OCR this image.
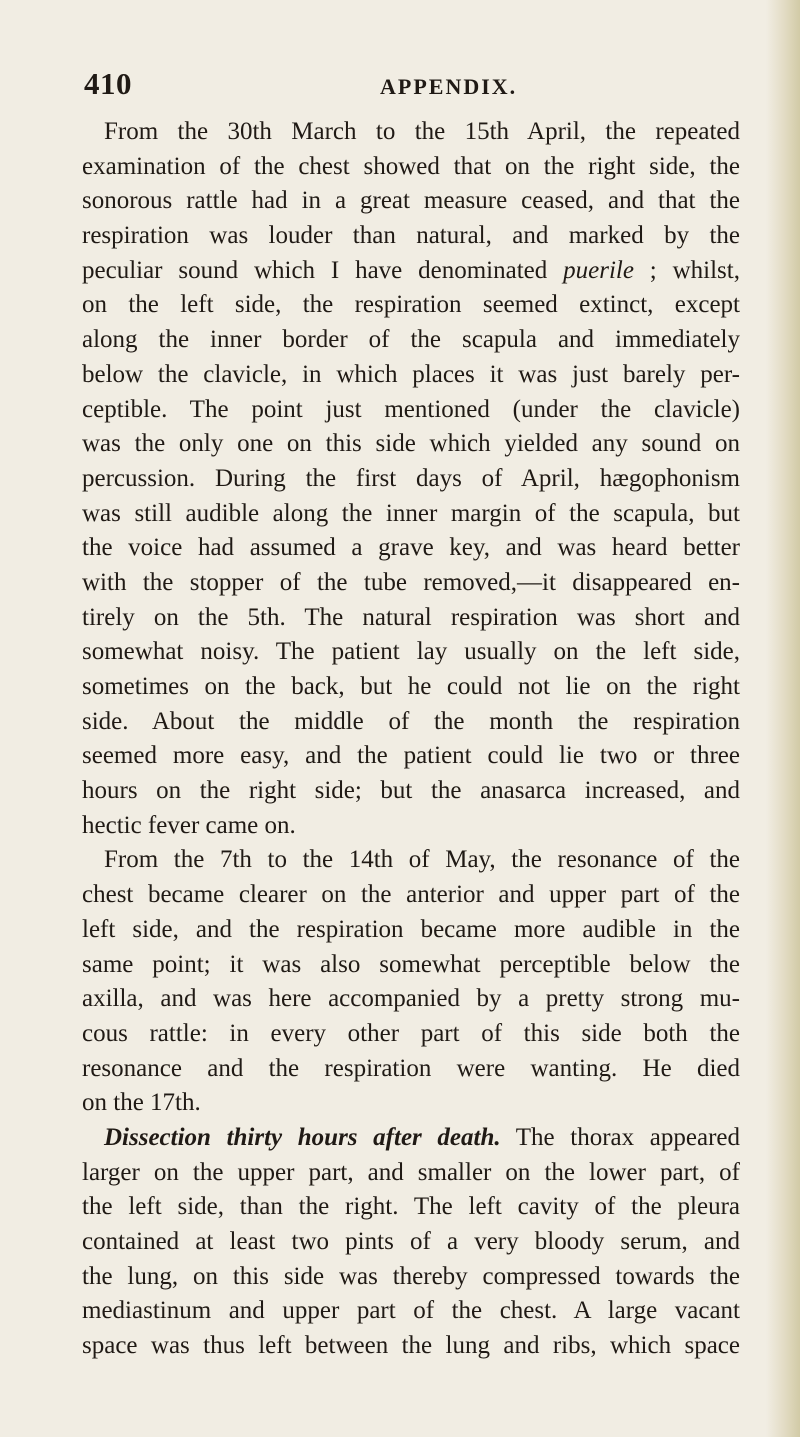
410	APPENDIX.
From the 30th March to the 15th April, the repeated
examination of the chest showed that on the right side, the
sonorous rattle had in a great measure ceased, and that the
respiration was louder than natural, and marked by the
peculiar sound which I have denominated puerile ; whilst,
on the left side, the respiration seemed extinct, except
along the inner border of the scapula and immediately
below the clavicle, in which places it was just barely per-
ceptible. The point just mentioned (under the clavicle)
was the only one on this side which yielded any sound on
percussion. During the first days of April, hægophonism
was still audible along the inner margin of the scapula, but
the voice had assumed a grave key, and was heard better
with the stopper of the tube removed,—it disappeared en-
tirely on the 5th. The natural respiration was short and
somewhat noisy. The patient lay usually on the left side,
sometimes on the back, but he could not lie on the right
side. About the middle of the month the respiration
seemed more easy, and the patient could lie two or three
hours on the right side; but the anasarca increased, and
hectic fever came on.
From the 7th to the 14th of May, the resonance of the
chest became clearer on the anterior and upper part of the
left side, and the respiration became more audible in the
same point; it was also somewhat perceptible below the
axilla, and was here accompanied by a pretty strong mu-
cous rattle: in every other part of this side both the
resonance and the respiration were wanting. He died
on the 17th.
Dissection thirty hours after death. The thorax appeared
larger on the upper part, and smaller on the lower part, of
the left side, than the right. The left cavity of the pleura
contained at least two pints of a very bloody serum, and
the lung, on this side was thereby compressed towards the
mediastinum and upper part of the chest. A large vacant
space was thus left between the lung and ribs, which space
